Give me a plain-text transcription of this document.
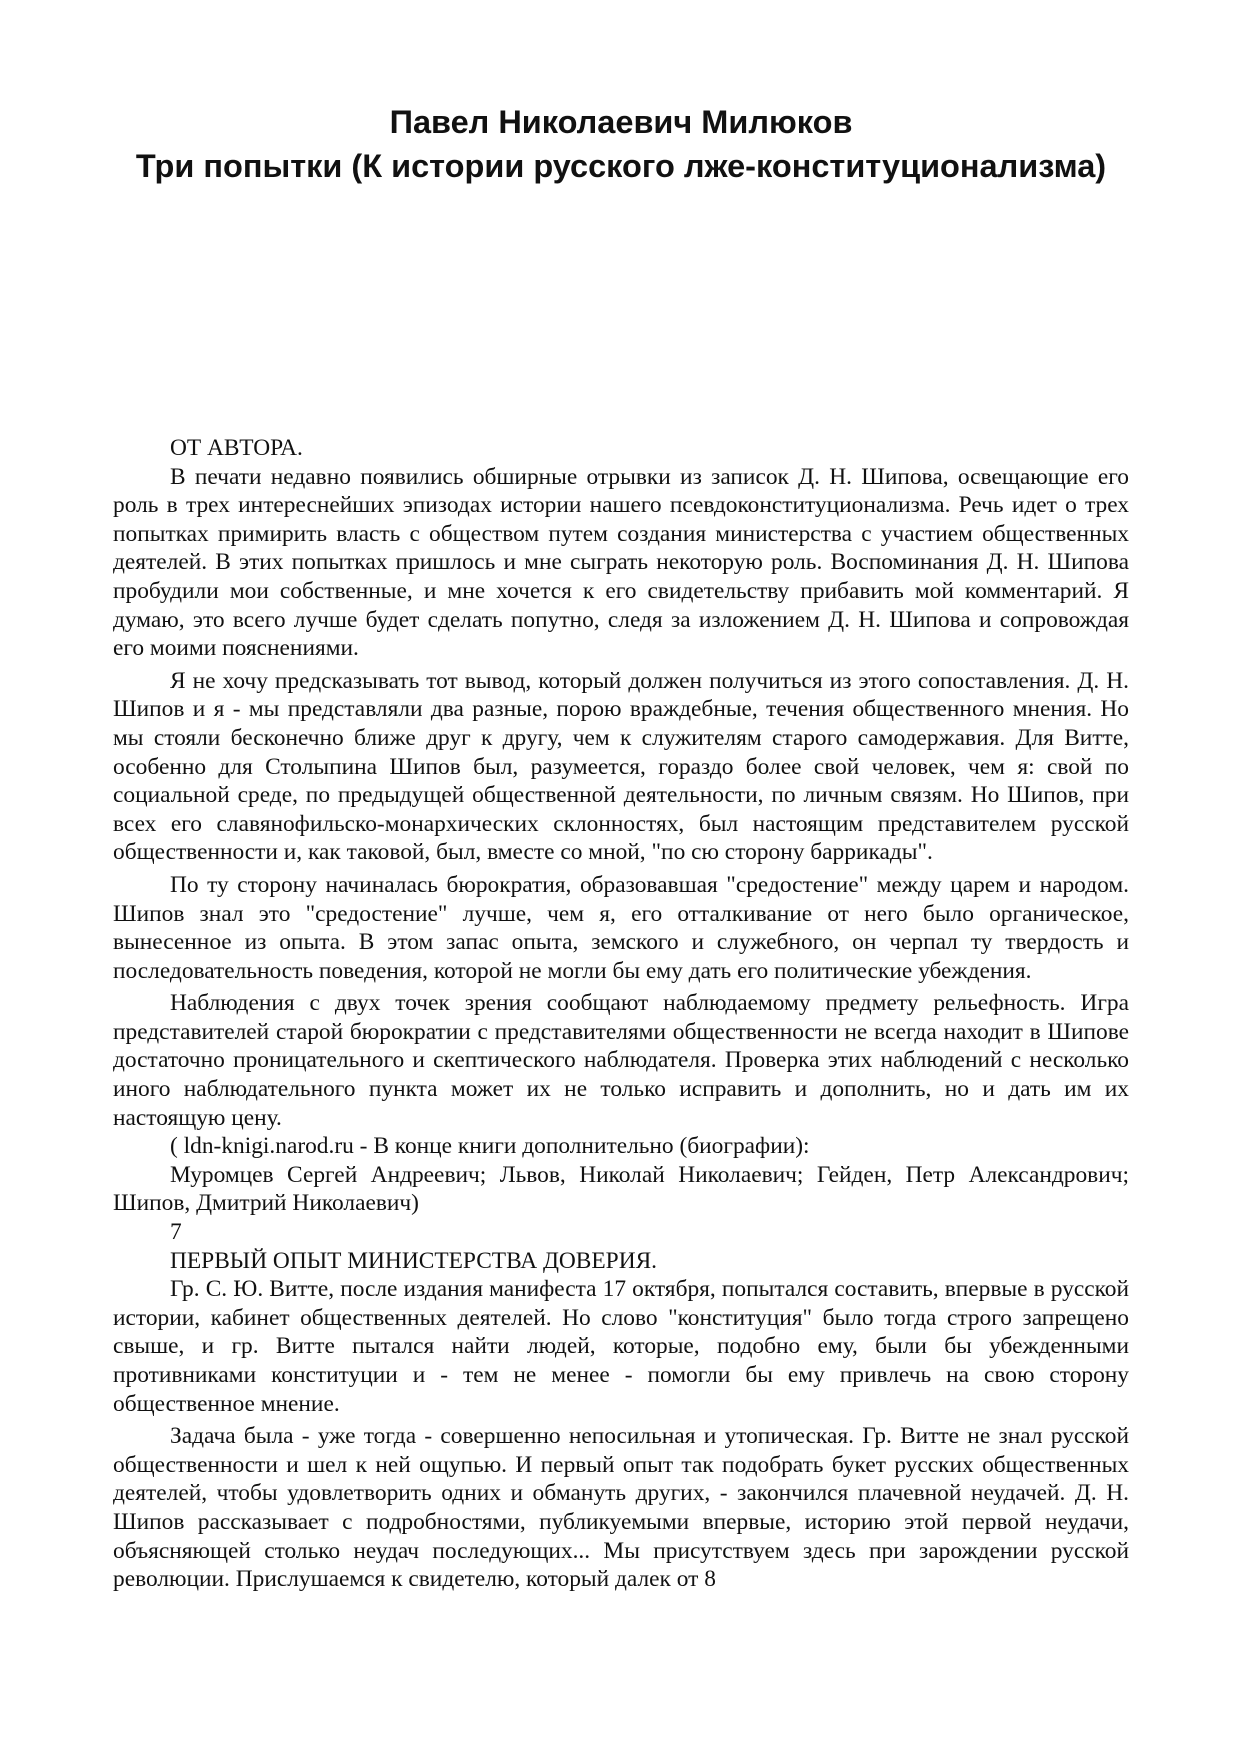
Павел Николаевич Милюков
Три попытки (К истории русского лже-конституционализма)

ОТ АВТОРА.

В печати недавно появились обширные отрывки из записок Д. Н. Шипова, освещающие его роль в трех интереснейших эпизодах истории нашего псевдоконституционализма. Речь идет о трех попытках примирить власть с обществом путем создания министерства с участием общественных деятелей. В этих попытках пришлось и мне сыграть некоторую роль. Воспоминания Д. Н. Шипова пробудили мои собственные, и мне хочется к его свидетельству прибавить мой комментарий. Я думаю, это всего лучше будет сделать попутно, следя за изложением Д. Н. Шипова и сопровождая его моими пояснениями.

Я не хочу предсказывать тот вывод, который должен получиться из этого сопоставления. Д. Н. Шипов и я - мы представляли два разные, порою враждебные, течения общественного мнения. Но мы стояли бесконечно ближе друг к другу, чем к служителям старого самодержавия. Для Витте, особенно для Столыпина Шипов был, разумеется, гораздо более свой человек, чем я: свой по социальной среде, по предыдущей общественной деятельности, по личным связям. Но Шипов, при всех его славянофильско-монархических склонностях, был настоящим представителем русской общественности и, как таковой, был, вместе со мной, "по сю сторону баррикады".

По ту сторону начиналась бюрократия, образовавшая "средостение" между царем и народом. Шипов знал это "средостение" лучше, чем я, его отталкивание от него было органическое, вынесенное из опыта. В этом запас опыта, земского и служебного, он черпал ту твердость и последовательность поведения, которой не могли бы ему дать его политические убеждения.

Наблюдения с двух точек зрения сообщают наблюдаемому предмету рельефность. Игра представителей старой бюрократии с представителями общественности не всегда находит в Шипове достаточно проницательного и скептического наблюдателя. Проверка этих наблюдений с несколько иного наблюдательного пункта может их не только исправить и дополнить, но и дать им их настоящую цену.

( ldn-knigi.narod.ru - В конце книги дополнительно (биографии):

Муромцев Сергей Андреевич; Львов, Николай Николаевич; Гейден, Петр Александрович; Шипов, Дмитрий Николаевич)

7

ПЕРВЫЙ ОПЫТ МИНИСТЕРСТВА ДОВЕРИЯ.

Гр. С. Ю. Витте, после издания манифеста 17 октября, попытался составить, впервые в русской истории, кабинет общественных деятелей. Но слово "конституция" было тогда строго запрещено свыше, и гр. Витте пытался найти людей, которые, подобно ему, были бы убежденными противниками конституции и - тем не менее - помогли бы ему привлечь на свою сторону общественное мнение.

Задача была - уже тогда - совершенно непосильная и утопическая. Гр. Витте не знал русской общественности и шел к ней ощупью. И первый опыт так подобрать букет русских общественных деятелей, чтобы удовлетворить одних и обмануть других, - закончился плачевной неудачей. Д. Н. Шипов рассказывает с подробностями, публикуемыми впервые, историю этой первой неудачи, объясняющей столько неудач последующих... Мы присутствуем здесь при зарождении русской революции. Прислушаемся к свидетелю, который далек от 8
